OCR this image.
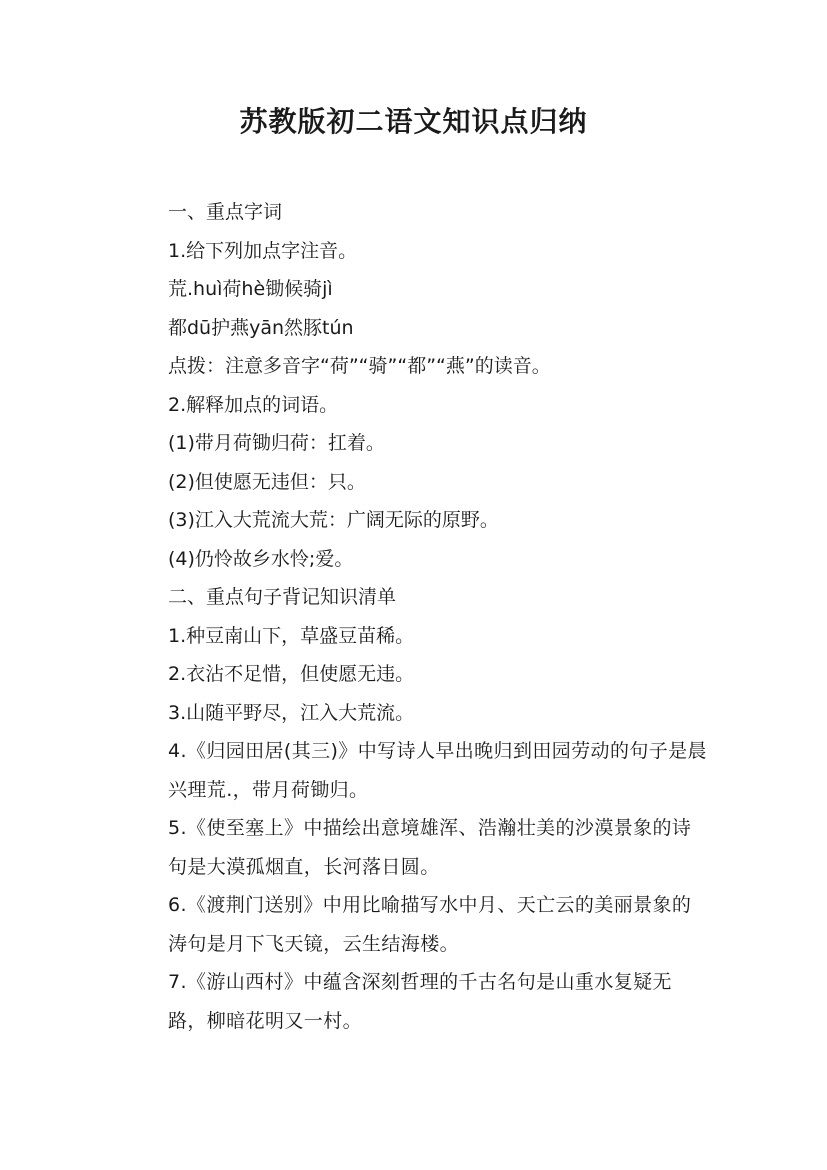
苏教版初二语文知识点归纳

一、重点字词

1.给下列加点字注音。

荒.huì荷hè锄候骑jì

都dū护燕yān然豚tún

点拨：注意多音字“荷”“骑”“都”“燕”的读音。

2.解释加点的词语。

(1)带月荷锄归荷：扛着。

(2)但使愿无违但：只。

(3)江入大荒流大荒：广阔无际的原野。

(4)仍怜故乡水怜;爱。

二、重点句子背记知识清单

1.种豆南山下，草盛豆苗稀。

2.衣沾不足惜，但使愿无违。

3.山随平野尽，江入大荒流。

4.《归园田居(其三)》中写诗人早出晚归到田园劳动的句子是晨兴理荒.，带月荷锄归。

5.《使至塞上》中描绘出意境雄浑、浩瀚壮美的沙漠景象的诗句是大漠孤烟直，长河落日圆。

6.《渡荆门送别》中用比喻描写水中月、天亡云的美丽景象的涛句是月下飞天镜，云生结海楼。

7.《游山西村》中蕴含深刻哲理的千古名句是山重水复疑无路，柳暗花明又一村。
